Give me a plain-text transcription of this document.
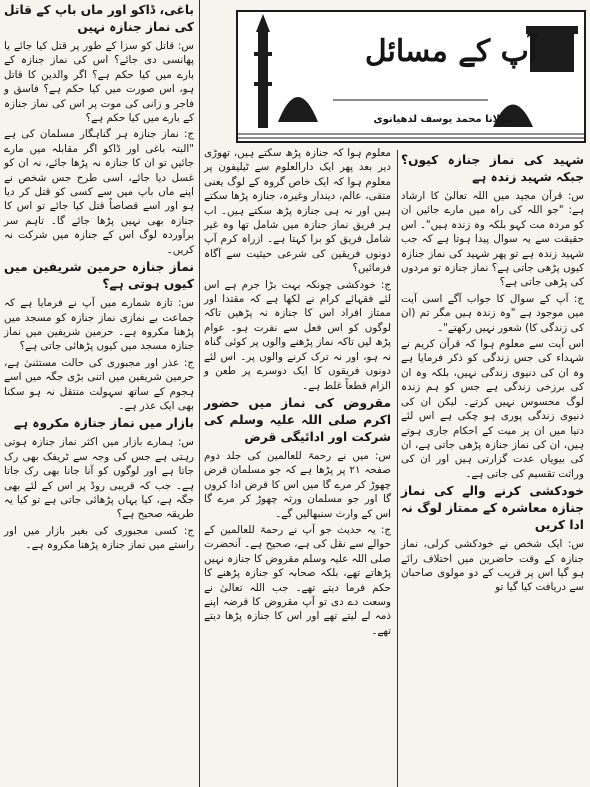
شہید کی نماز جنازہ کیوں؟ جبکہ شہید زندہ ہے

س: قرآن مجید میں اللہ تعالیٰ کا ارشاد ہے: "جو اللہ کی راہ میں مارے جائیں ان کو مردہ مت کہو بلکہ وہ زندہ ہیں"۔ اس حقیقت سے یہ سوال پیدا ہوتا ہے کہ جب شہید زندہ ہے تو پھر شہید کی نماز جنازہ کیوں پڑھی جاتی ہے؟ نماز جنازہ تو مردوں کی پڑھی جاتی ہے؟

ج: آپ کے سوال کا جواب آگے اسی آیت میں موجود ہے "وہ زندہ ہیں مگر تم (ان کی زندگی کا) شعور نہیں رکھتے"۔

اس آیت سے معلوم ہوا کہ قرآن کریم نے شہداء کی جس زندگی کو ذکر فرمایا ہے وہ ان کی دنیوی زندگی نہیں، بلکہ وہ ان کی برزخی زندگی ہے جس کو ہم زندہ لوگ محسوس نہیں کرتے۔ لیکن ان کی دنیوی زندگی پوری ہو چکی ہے اس لئے دنیا میں ان پر میت کے احکام جاری ہوتے ہیں، ان کی نماز جنازہ پڑھی جاتی ہے، ان کی بیویاں عدت گزارتی ہیں اور ان کی وراثت تقسیم کی جاتی ہے۔

خودکشی کرنے والے کی نماز جنازہ معاشرہ کے ممتاز لوگ نہ ادا کریں

س: ایک شخص نے خودکشی کرلی، نماز جنازہ کے وقت حاضرین میں اختلاف رائے ہو گیا اس پر قریب کے دو مولوی صاحبان سے دریافت کیا گیا تو

آپ کے مسائل
مولانا محمد یوسف لدھیانوی

معلوم ہوا کہ جنازہ پڑھ سکتے ہیں، تھوڑی دیر بعد پھر ایک دارالعلوم سے ٹیلیفون پر معلوم ہوا کہ ایک خاص گروہ کے لوگ یعنی متقی، عالم، دیندار وغیرہ، جنازہ پڑھا سکتے ہیں اور نہ ہی جنازہ پڑھ سکتے ہیں۔ اب ہر فریق نماز جنازہ میں شامل تھا وہ غیر شامل فریق کو برا کہتا ہے۔ ازراہ کرم آپ دونوں فریقین کی شرعی حیثیت سے آگاہ فرمائیں؟

ج: خودکشی چونکہ بہت بڑا جرم ہے اس لئے فقہائے کرام نے لکھا ہے کہ مقتدا اور ممتاز افراد اس کا جنازہ نہ پڑھیں تاکہ لوگوں کو اس فعل سے نفرت ہو۔ عوام پڑھ لیں تاکہ نماز پڑھنے والوں پر کوئی گناہ نہ ہو، اور نہ ترک کرنے والوں پر۔ اس لئے دونوں فریقوں کا ایک دوسرے پر طعن و الزام قطعاً غلط ہے۔

مقروض کی نماز میں حضور اکرم صلی اللہ علیہ وسلم کی شرکت اور ادائیگی قرض

س: میں نے رحمۃ للعالمین کی جلد دوم صفحہ ۲۱ پر پڑھا ہے کہ جو مسلمان قرض چھوڑ کر مرے گا میں اس کا قرض ادا کروں گا اور جو مسلمان ورثہ چھوڑ کر مرے گا اس کے وارث سنبھالیں گے۔

ج: یہ حدیث جو آپ نے رحمۃ للعالمین کے حوالے سے نقل کی ہے، صحیح ہے۔ آنحضرت صلی اللہ علیہ وسلم مقروض کا جنازہ نہیں پڑھاتے تھے، بلکہ صحابہ کو جنازہ پڑھنے کا حکم فرما دیتے تھے۔ جب اللہ تعالیٰ نے وسعت دے دی تو آپ مقروض کا قرضہ اپنے ذمہ لے لیتے تھے اور اس کا جنازہ پڑھا دیتے تھے۔

باغی، ڈاکو اور ماں باپ کے قاتل کی نماز جنازہ نہیں

س: قاتل کو سزا کے طور پر قتل کیا جائے یا پھانسی دی جائے؟ اس کی نماز جنازہ کے بارے میں کیا حکم ہے؟ اگر والدین کا قاتل ہو، اس صورت میں کیا حکم ہے؟ فاسق و فاجر و زانی کی موت پر اس کی نماز جنازہ کے بارے میں کیا حکم ہے؟

ج: نماز جنازہ ہر گناہگار مسلمان کی ہے "البتہ باغی اور ڈاکو اگر مقابلہ میں مارے جائیں تو ان کا جنازہ نہ پڑھا جائے، نہ ان کو غسل دیا جائے، اسی طرح جس شخص نے اپنے ماں باپ میں سے کسی کو قتل کر دیا ہو اور اسے قصاصاً قتل کیا جائے تو اس کا جنازہ بھی نہیں پڑھا جائے گا۔ تاہم سر برآوردہ لوگ اس کے جنازہ میں شرکت نہ کریں۔

نماز جنازہ حرمین شریفین میں کیوں ہوتی ہے؟

س: تازہ شمارے میں آپ نے فرمایا ہے کہ جماعت بے نمازی نماز جنازہ کو مسجد میں پڑھنا مکروہ ہے۔ حرمین شریفین میں نماز جنازہ مسجد میں کیوں پڑھائی جاتی ہے؟

ج: عذر اور مجبوری کی حالت مستثنیٰ ہے، حرمین شریفین میں اتنی بڑی جگہ میں اسے ہجوم کے ساتھ سہولت منتقل نہ ہو سکنا بھی ایک عذر ہے۔

بازار میں نماز جنازہ مکروہ ہے

س: ہمارے بازار میں اکثر نماز جنازہ ہوتی رہتی ہے جس کی وجہ سے ٹریفک بھی رک جاتا ہے اور لوگوں کو آنا جانا بھی رک جاتا ہے۔ جب کہ قریبی روڈ پر اس کے لئے بھی جگہ ہے، کیا یہاں پڑھائی جاتی ہے تو کیا یہ طریقہ صحیح ہے؟

ج: کسی مجبوری کی بغیر بازار میں اور راستے میں نماز جنازہ پڑھنا مکروہ ہے۔
